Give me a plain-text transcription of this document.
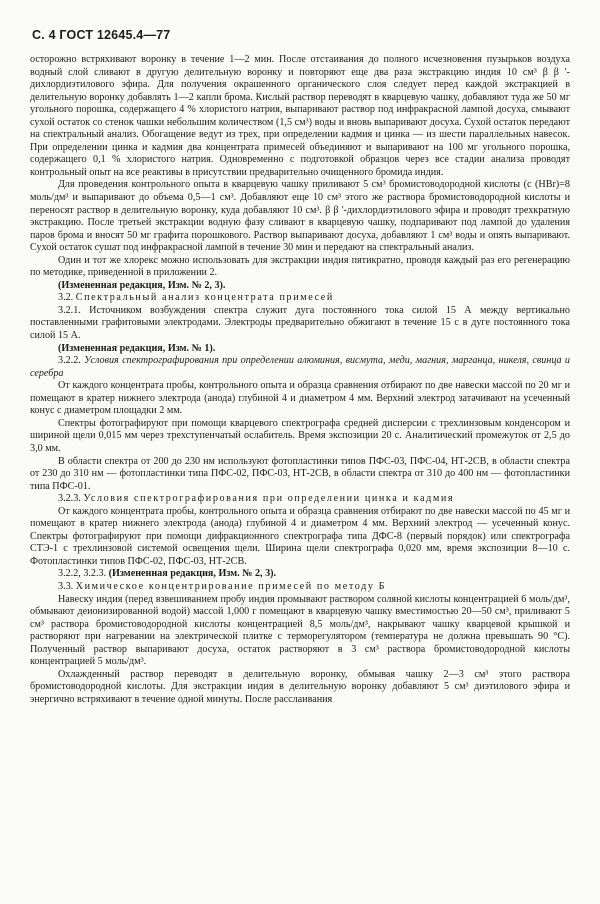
С. 4 ГОСТ 12645.4—77

осторожно встряхивают воронку в течение 1—2 мин. После отстаивания до полного исчезновения пузырьков воздуха водный слой сливают в другую делительную воронку и повторяют еще два раза экстракцию индия 10 см³ β β '-дихлордиэтилового эфира. Для получения окрашенного органического слоя следует перед каждой экстракцией в делительную воронку добавлять 1—2 капли брома. Кислый раствор переводят в кварцевую чашку, добавляют туда же 50 мг угольного порошка, содержащего 4 % хлористого натрия, выпаривают раствор под инфракрасной лампой досуха, смывают сухой остаток со стенок чашки небольшим количеством (1,5 см³) воды и вновь выпаривают досуха. Сухой остаток передают на спектральный анализ. Обогащение ведут из трех, при определении кадмия и цинка — из шести параллельных навесок. При определении цинка и кадмия два концентрата примесей объединяют и выпаривают на 100 мг угольного порошка, содержащего 0,1 % хлористого натрия. Одновременно с подготовкой образцов через все стадии анализа проводят контрольный опыт на все реактивы в присутствии предварительно очищенного бромида индия.

Для проведения контрольного опыта в кварцевую чашку приливают 5 см³ бромистоводородной кислоты (с (HBr)=8 моль/дм³ и выпаривают до объема 0,5—1 см³. Добавляют еще 10 см³ этого же раствора бромистоводородной кислоты и переносят раствор в делительную воронку, куда добавляют 10 см³. β β '-дихлордиэтилового эфира и проводят трехкратную экстракцию. После третьей экстракции водную фазу сливают в кварцевую чашку, подпаривают под лампой до удаления паров брома и вносят 50 мг графита порошкового. Раствор выпаривают досуха, добавляют 1 см³ воды и опять выпаривают. Сухой остаток сушат под инфракрасной лампой в течение 30 мин и передают на спектральный анализ.

Один и тот же хлорекс можно использовать для экстракции индия пятикратно, проводя каждый раз его регенерацию по методике, приведенной в приложении 2.

(Измененная редакция, Изм. № 2, 3).

3.2. Спектральный анализ концентрата примесей

3.2.1. Источником возбуждения спектра служит дуга постоянного тока силой 15 А между вертикально поставленными графитовыми электродами. Электроды предварительно обжигают в течение 15 с в дуге постоянного тока силой 15 А.

(Измененная редакция, Изм. № 1).

3.2.2. Условия спектрографирования при определении алюминия, висмута, меди, магния, марганца, никеля, свинца и серебра

От каждого концентрата пробы, контрольного опыта и образца сравнения отбирают по две навески массой по 20 мг и помещают в кратер нижнего электрода (анода) глубиной 4 и диаметром 4 мм. Верхний электрод затачивают на усеченный конус с диаметром площадки 2 мм.

Спектры фотографируют при помощи кварцевого спектрографа средней дисперсии с трехлинзовым конденсором и шириной щели 0,015 мм через трехступенчатый ослабитель. Время экспозиции 20 с. Аналитический промежуток от 2,5 до 3,0 мм.

В области спектра от 200 до 230 нм используют фотопластинки типов ПФС-03, ПФС-04, НТ-2СВ, в области спектра от 230 до 310 нм — фотопластинки типа ПФС-02, ПФС-03, НТ-2СВ, в области спектра от 310 до 400 нм — фотопластинки типа ПФС-01.

3.2.3. Условия спектрографирования при определении цинка и кадмия

От каждого концентрата пробы, контрольного опыта и образца сравнения отбирают по две навески массой по 45 мг и помещают в кратер нижнего электрода (анода) глубиной 4 и диаметром 4 мм. Верхний электрод — усеченный конус. Спектры фотографируют при помощи дифракционного спектрографа типа ДФС-8 (первый порядок) или спектрографа СТЭ-1 с трехлинзовой системой освещения щели. Ширина щели спектрографа 0,020 мм, время экспозиции 8—10 с. Фотопластинки типов ПФС-02, ПФС-03, НТ-2СВ.

3.2.2, 3.2.3. (Измененная редакция, Изм. № 2, 3).

3.3. Химическое концентрирование примесей по методу Б

Навеску индия (перед взвешиванием пробу индия промывают раствором соляной кислоты концентрацией 6 моль/дм³, обмывают деионизированной водой) массой 1,000 г помещают в кварцевую чашку вместимостью 20—50 см³, приливают 5 см³ раствора бромистоводородной кислоты концентрацией 8,5 моль/дм³, накрывают чашку кварцевой крышкой и растворяют при нагревании на электрической плитке с терморегулятором (температура не должна превышать 90 °С). Полученный раствор выпаривают досуха, остаток растворяют в 3 см³ раствора бромистоводородной кислоты концентрацией 5 моль/дм³.

Охлажденный раствор переводят в делительную воронку, обмывая чашку 2—3 см³ этого раствора бромистоводородной кислоты. Для экстракции индия в делительную воронку добавляют 5 см³ диэтилового эфира и энергично встряхивают в течение одной минуты. После расслаивания
